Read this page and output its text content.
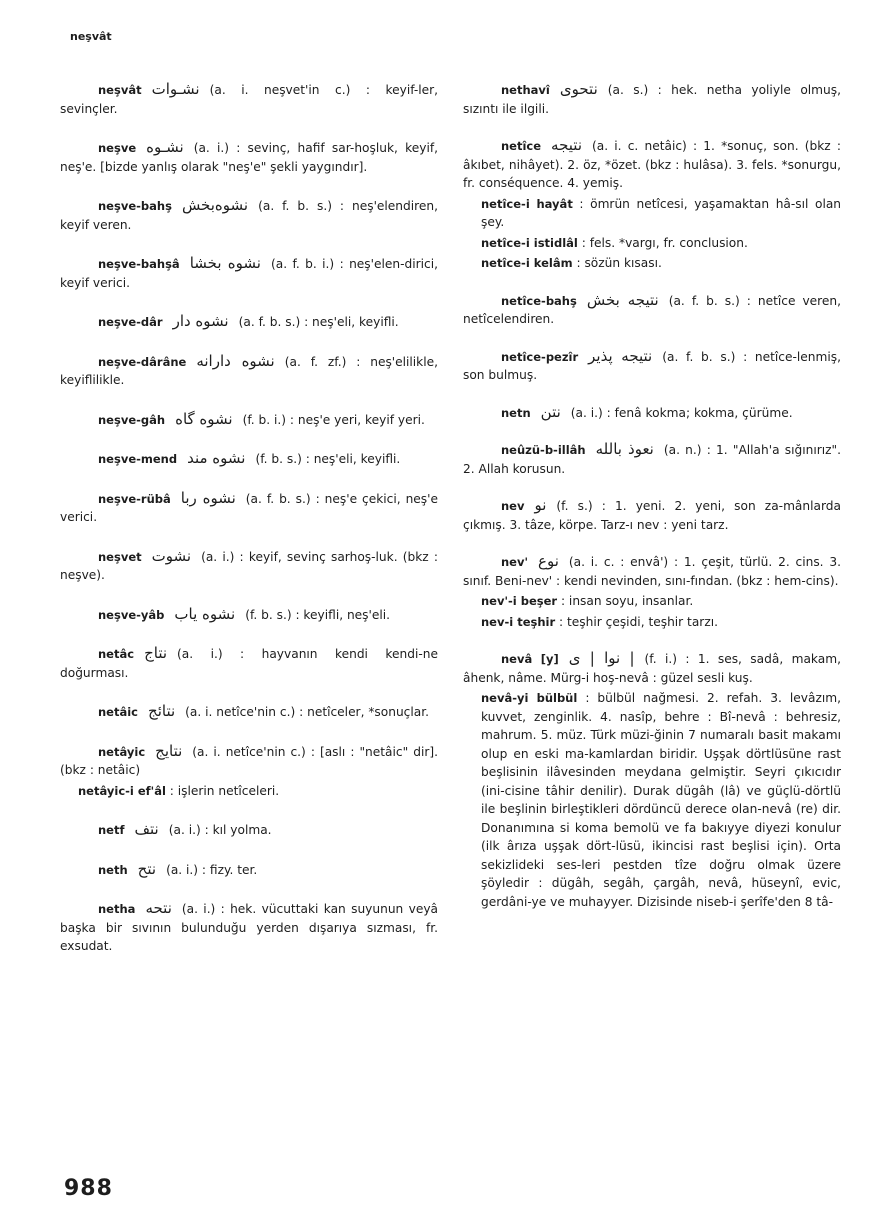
neşvât

neşvât نشـوات (a. i. neşvet'in c.) : keyif-ler, sevinçler.

neşve نشـوه (a. i.) : sevinç, hafif sar-hoşluk, keyif, neş'e. [bizde yanlış olarak "neş'e" şekli yaygındır].

neşve-bahş نشوه‌بخش (a. f. b. s.) : neş'elendiren, keyif veren.

neşve-bahşâ نشوه بخشا (a. f. b. i.) : neş'elen-dirici, keyif verici.

neşve-dâr نشوه دار (a. f. b. s.) : neş'eli, keyifli.

neşve-dârâne نشوه دارانه (a. f. zf.) : neş'elilikle, keyiflilikle.

neşve-gâh نشوه گاه (f. b. i.) : neş'e yeri, keyif yeri.

neşve-mend نشوه مند (f. b. s.) : neş'eli, keyifli.

neşve-rübâ نشوه ربا (a. f. b. s.) : neş'e çekici, neş'e verici.

neşvet نشوت (a. i.) : keyif, sevinç sarhoş-luk. (bkz : neşve).

neşve-yâb نشوه ياب (f. b. s.) : keyifli, neş'eli.

netâc نتاج (a. i.) : hayvanın kendi kendi-ne doğurması.

netâic نتائج (a. i. netîce'nin c.) : netîceler, *sonuçlar.

netâyic نتايج (a. i. netîce'nin c.) : [aslı : "netâic" dir]. (bkz : netâic)

netâyic-i ef'âl : işlerin netîceleri.

netf نتف (a. i.) : kıl yolma.

neth نتح (a. i.) : fizy. ter.

netha نتحه (a. i.) : hek. vücuttaki kan suyunun veyâ başka bir sıvının bulunduğu yerden dışarıya sızması, fr. exsudat.

nethavî نتحوى (a. s.) : hek. netha yoliyle olmuş, sızıntı ile ilgili.

netîce نتيجه (a. i. c. netâic) : 1. *sonuç, son. (bkz : âkıbet, nihâyet). 2. öz, *özet. (bkz : hulâsa). 3. fels. *sonurgu, fr. conséquence. 4. yemiş.

netîce-i hayât : ömrün netîcesi, yaşamaktan hâ-sıl olan şey.

netîce-i istidlâl : fels. *vargı, fr. conclusion.

netîce-i kelâm : sözün kısası.

netîce-bahş نتيجه بخش (a. f. b. s.) : netîce veren, netîcelendiren.

netîce-pezîr نتيجه پذير (a. f. b. s.) : netîce-lenmiş, son bulmuş.

netn نتن (a. i.) : fenâ kokma; kokma, çürüme.

neûzü-b-illâh نعوذ بالله (a. n.) : 1. "Allah'a sığınırız". 2. Allah korusun.

nev نو (f. s.) : 1. yeni. 2. yeni, son za-mânlarda çıkmış. 3. tâze, körpe. Tarz-ı nev : yeni tarz.

nev' نوع (a. i. c. : envâ') : 1. çeşit, türlü. 2. cins. 3. sınıf. Beni-nev' : kendi nevinden, sını-fından. (bkz : hem-cins).

nev'-i beşer : insan soyu, insanlar.

nev-i teşhir : teşhir çeşidi, teşhir tarzı.

nevâ [y] نوا | ى | (f. i.) : 1. ses, sadâ, makam, âhenk, nâme. Mürg-i hoş-nevâ : güzel sesli kuş.

nevâ-yi bülbül : bülbül nağmesi. 2. refah. 3. levâzım, kuvvet, zenginlik. 4. nasîp, behre : Bî-nevâ : behresiz, mahrum. 5. müz. Türk müzi-ğinin 7 numaralı basit makamı olup en eski ma-kamlardan biridir. Uşşak dörtlüsüne rast beşlisinin ilâvesinden meydana gelmiştir. Seyri çıkıcıdır (ini-cisine tâhir denilir). Durak dügâh (lâ) ve güçlü-dörtlü ile beşlinin birleştikleri dördüncü derece olan-nevâ (re) dir. Donanımına si koma bemolü ve fa bakıyye diyezi konulur (ilk ârıza uşşak dört-lüsü, ikincisi rast beşlisi için). Orta sekizlideki ses-leri pestden tîze doğru olmak üzere şöyledir : dügâh, segâh, çargâh, nevâ, hüseynî, evic, gerdâni-ye ve muhayyer. Dizisinde niseb-i şerîfe'den 8 tâ-

988
